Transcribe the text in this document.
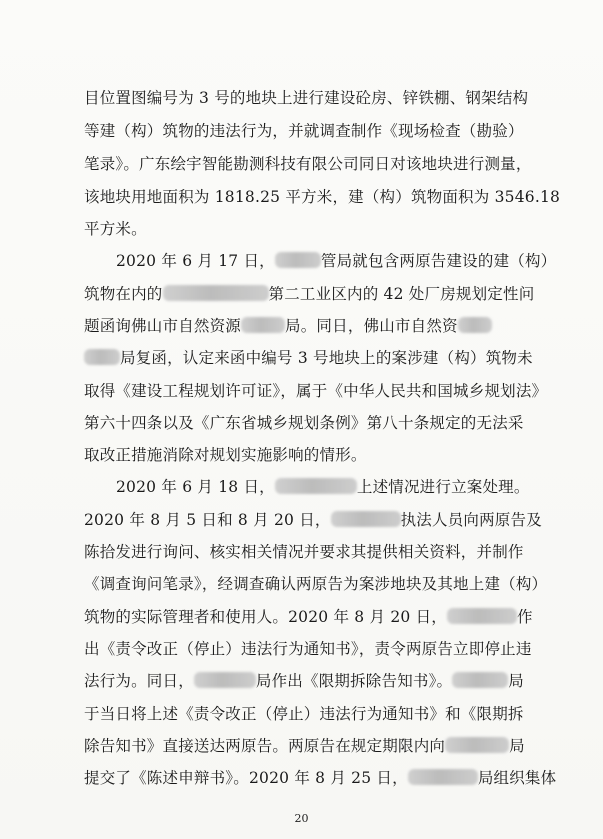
目位置图编号为 3 号的地块上进行建设砼房、锌铁棚、钢架结构
等建（构）筑物的违法行为，并就调查制作《现场检查（勘验）
笔录》。广东绘宇智能勘测科技有限公司同日对该地块进行测量，
该地块用地面积为 1818.25 平方米，建（构）筑物面积为 3546.18
平方米。
2020 年 6 月 17 日，	管局就包含两原告建设的建（构）
筑物在内的	第二工业区内的 42 处厂房规划定性问
题函询佛山市自然资源	局。同日，佛山市自然资
局复函，认定来函中编号 3 号地块上的案涉建（构）筑物未
取得《建设工程规划许可证》，属于《中华人民共和国城乡规划法》
第六十四条以及《广东省城乡规划条例》第八十条规定的无法采
取改正措施消除对规划实施影响的情形。
2020 年 6 月 18 日，	上述情况进行立案处理。
2020 年 8 月 5 日和 8 月 20 日，	执法人员向两原告及
陈拾发进行询问、核实相关情况并要求其提供相关资料，并制作
《调查询问笔录》，经调查确认两原告为案涉地块及其地上建（构）
筑物的实际管理者和使用人。2020 年 8 月 20 日，	作
出《责令改正（停止）违法行为通知书》，责令两原告立即停止违
法行为。同日，	局作出《限期拆除告知书》。	局
于当日将上述《责令改正（停止）违法行为通知书》和《限期拆
除告知书》直接送达两原告。两原告在规定期限内向	局
提交了《陈述申辩书》。2020 年 8 月 25 日，	局组织集体
20
